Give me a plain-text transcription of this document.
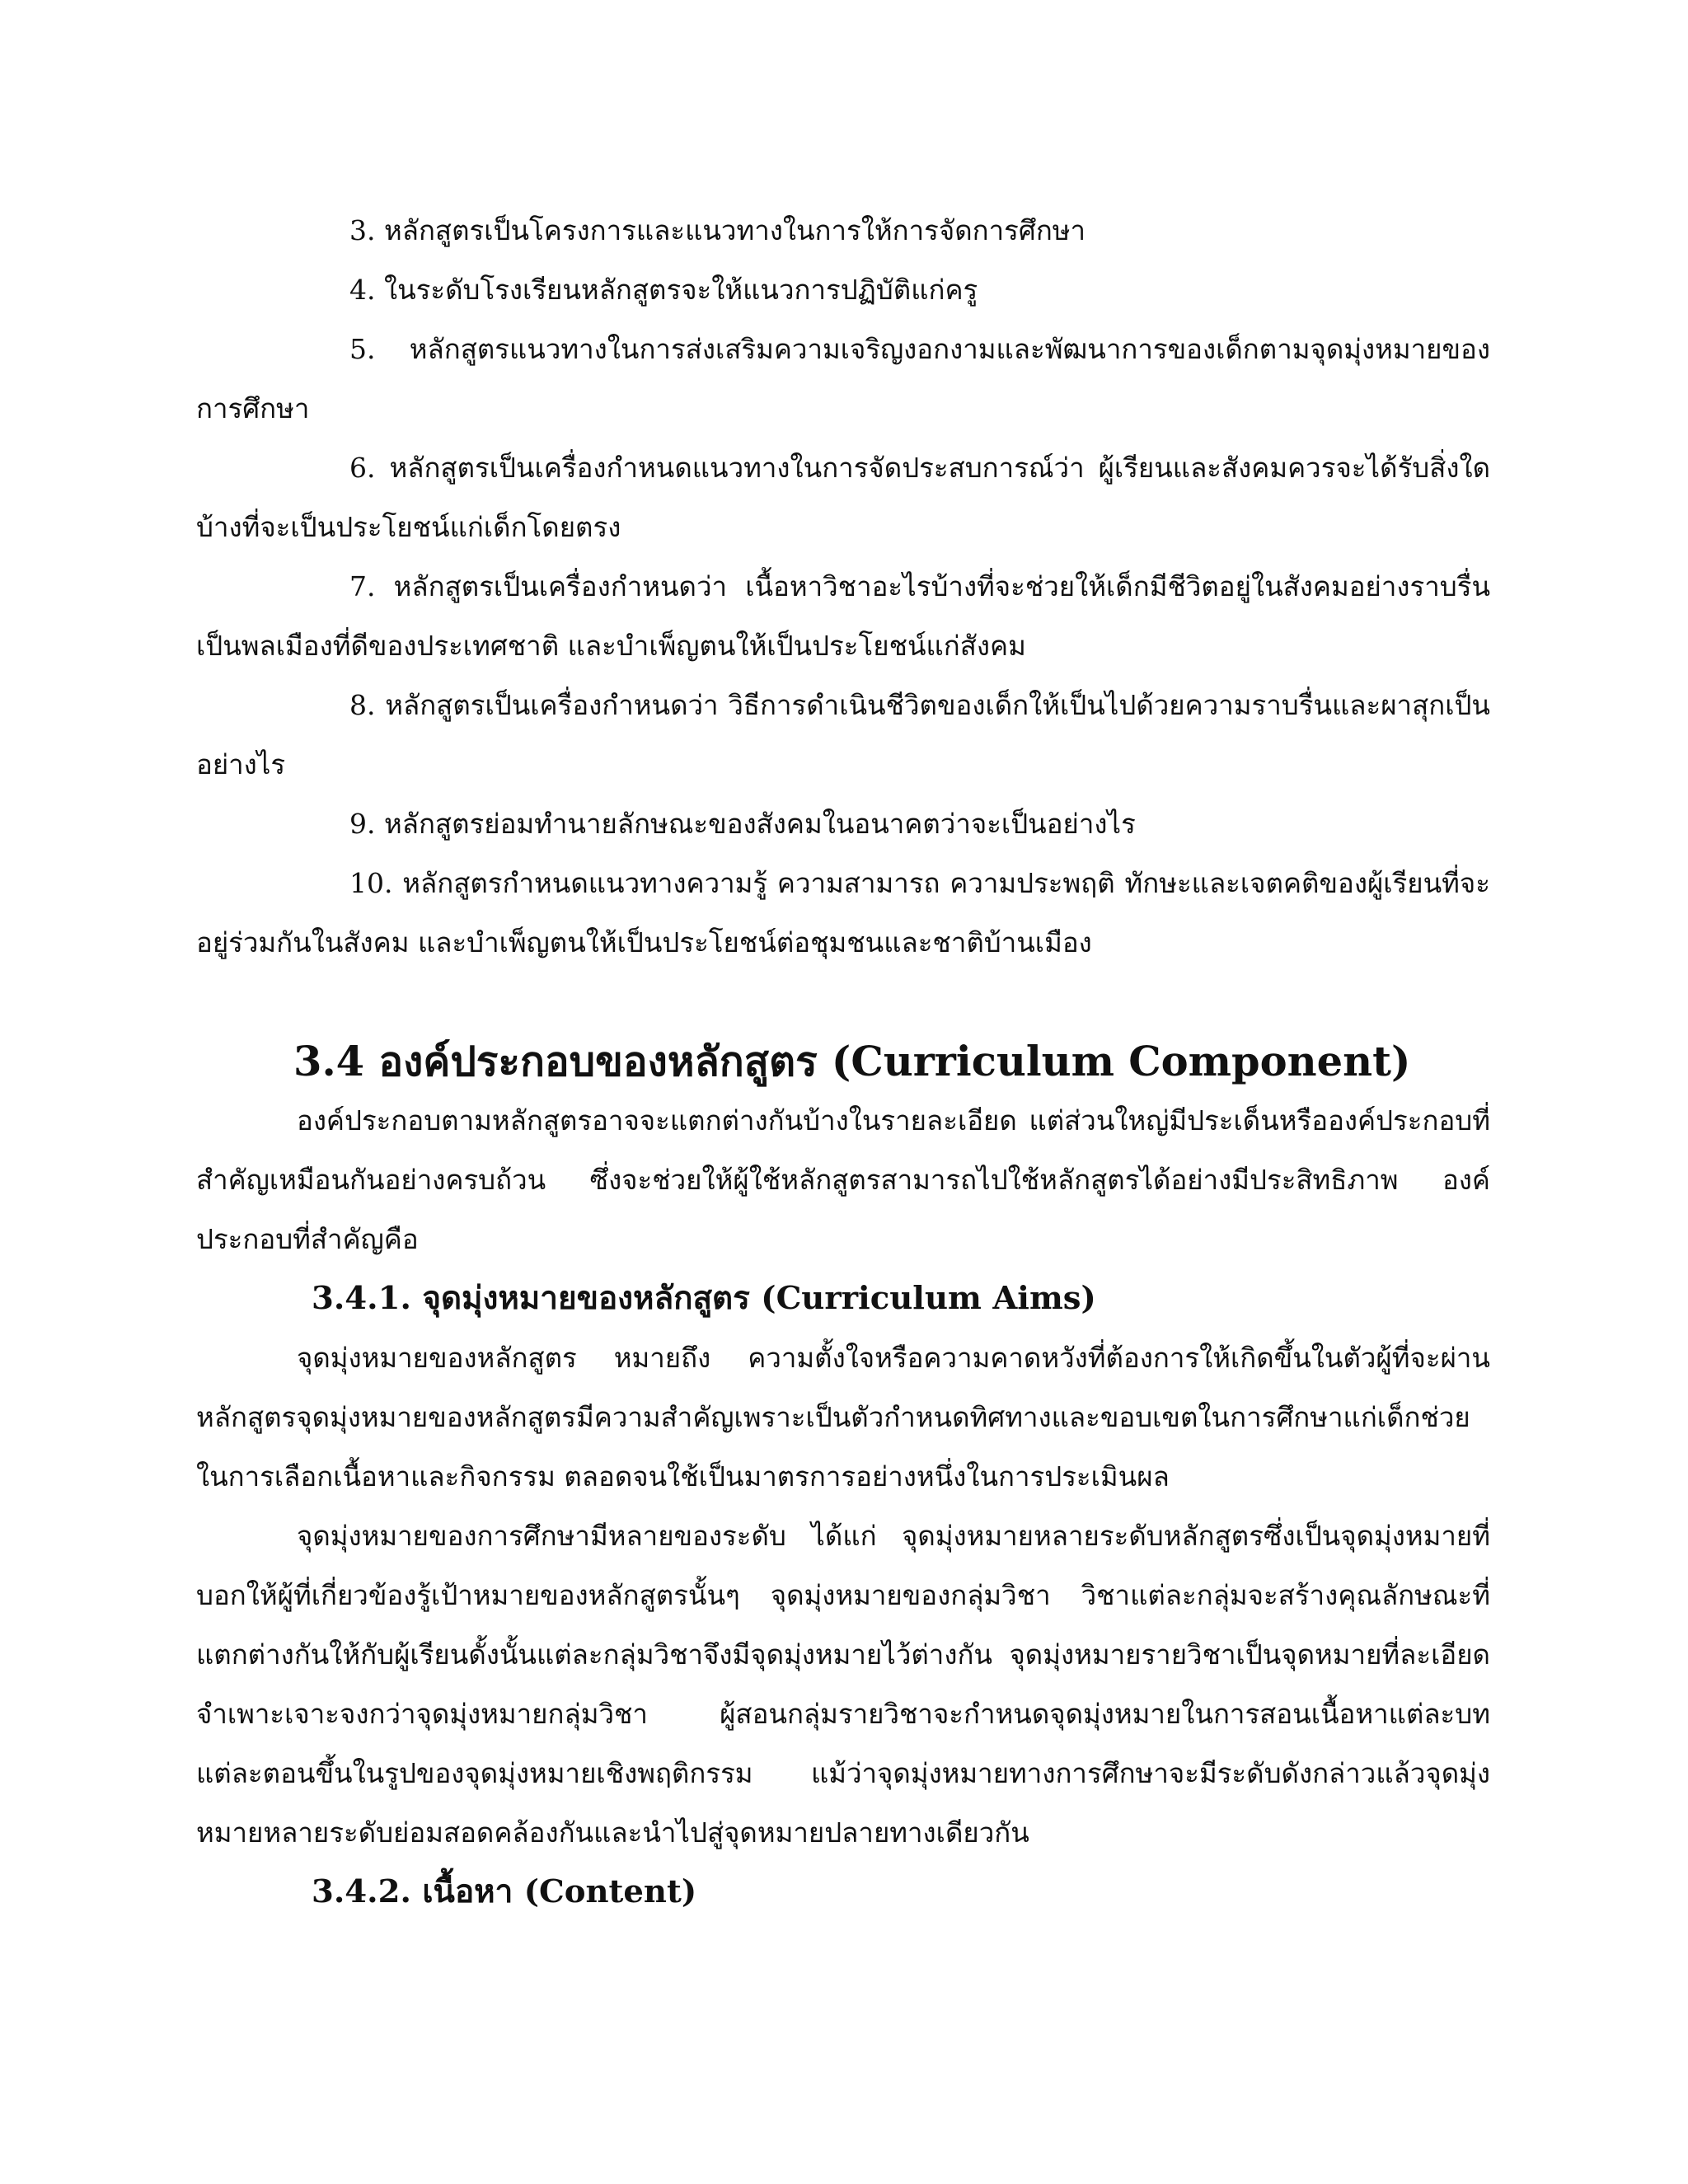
3. หลักสูตรเป็นโครงการและแนวทางในการให้การจัดการศึกษา

4. ในระดับโรงเรียนหลักสูตรจะให้แนวการปฏิบัติแก่ครู

5. หลักสูตรแนวทางในการส่งเสริมความเจริญงอกงามและพัฒนาการของเด็กตามจุดมุ่งหมายของการศึกษา

6. หลักสูตรเป็นเครื่องกำหนดแนวทางในการจัดประสบการณ์ว่า ผู้เรียนและสังคมควรจะได้รับสิ่งใดบ้างที่จะเป็นประโยชน์แก่เด็กโดยตรง

7. หลักสูตรเป็นเครื่องกำหนดว่า เนื้อหาวิชาอะไรบ้างที่จะช่วยให้เด็กมีชีวิตอยู่ในสังคมอย่างราบรื่น เป็นพลเมืองที่ดีของประเทศชาติ และบำเพ็ญตนให้เป็นประโยชน์แก่สังคม

8. หลักสูตรเป็นเครื่องกำหนดว่า วิธีการดำเนินชีวิตของเด็กให้เป็นไปด้วยความราบรื่นและผาสุกเป็นอย่างไร

9. หลักสูตรย่อมทำนายลักษณะของสังคมในอนาคตว่าจะเป็นอย่างไร

10. หลักสูตรกำหนดแนวทางความรู้ ความสามารถ ความประพฤติ ทักษะและเจตคติของผู้เรียนที่จะอยู่ร่วมกันในสังคม และบำเพ็ญตนให้เป็นประโยชน์ต่อชุมชนและชาติบ้านเมือง

3.4 องค์ประกอบของหลักสูตร (Curriculum Component)

องค์ประกอบตามหลักสูตรอาจจะแตกต่างกันบ้างในรายละเอียด แต่ส่วนใหญ่มีประเด็นหรือองค์ประกอบที่สำคัญเหมือนกันอย่างครบถ้วน ซึ่งจะช่วยให้ผู้ใช้หลักสูตรสามารถไปใช้หลักสูตรได้อย่างมีประสิทธิภาพ องค์ประกอบที่สำคัญคือ

3.4.1. จุดมุ่งหมายของหลักสูตร (Curriculum Aims)

จุดมุ่งหมายของหลักสูตร หมายถึง ความตั้งใจหรือความคาดหวังที่ต้องการให้เกิดขึ้นในตัวผู้ที่จะผ่านหลักสูตรจุดมุ่งหมายของหลักสูตรมีความสำคัญเพราะเป็นตัวกำหนดทิศทางและขอบเขตในการศึกษาแก่เด็กช่วยในการเลือกเนื้อหาและกิจกรรม ตลอดจนใช้เป็นมาตรการอย่างหนึ่งในการประเมินผล

จุดมุ่งหมายของการศึกษามีหลายของระดับ ได้แก่ จุดมุ่งหมายหลายระดับหลักสูตรซึ่งเป็นจุดมุ่งหมายที่บอกให้ผู้ที่เกี่ยวข้องรู้เป้าหมายของหลักสูตรนั้นๆ จุดมุ่งหมายของกลุ่มวิชา วิชาแต่ละกลุ่มจะสร้างคุณลักษณะที่แตกต่างกันให้กับผู้เรียนดั้งนั้นแต่ละกลุ่มวิชาจึงมีจุดมุ่งหมายไว้ต่างกัน จุดมุ่งหมายรายวิชาเป็นจุดหมายที่ละเอียดจำเพาะเจาะจงกว่าจุดมุ่งหมายกลุ่มวิชา ผู้สอนกลุ่มรายวิชาจะกำหนดจุดมุ่งหมายในการสอนเนื้อหาแต่ละบทแต่ละตอนขึ้นในรูปของจุดมุ่งหมายเชิงพฤติกรรม แม้ว่าจุดมุ่งหมายทางการศึกษาจะมีระดับดังกล่าวแล้วจุดมุ่งหมายหลายระดับย่อมสอดคล้องกันและนำไปสู่จุดหมายปลายทางเดียวกัน

3.4.2. เนื้อหา (Content)
